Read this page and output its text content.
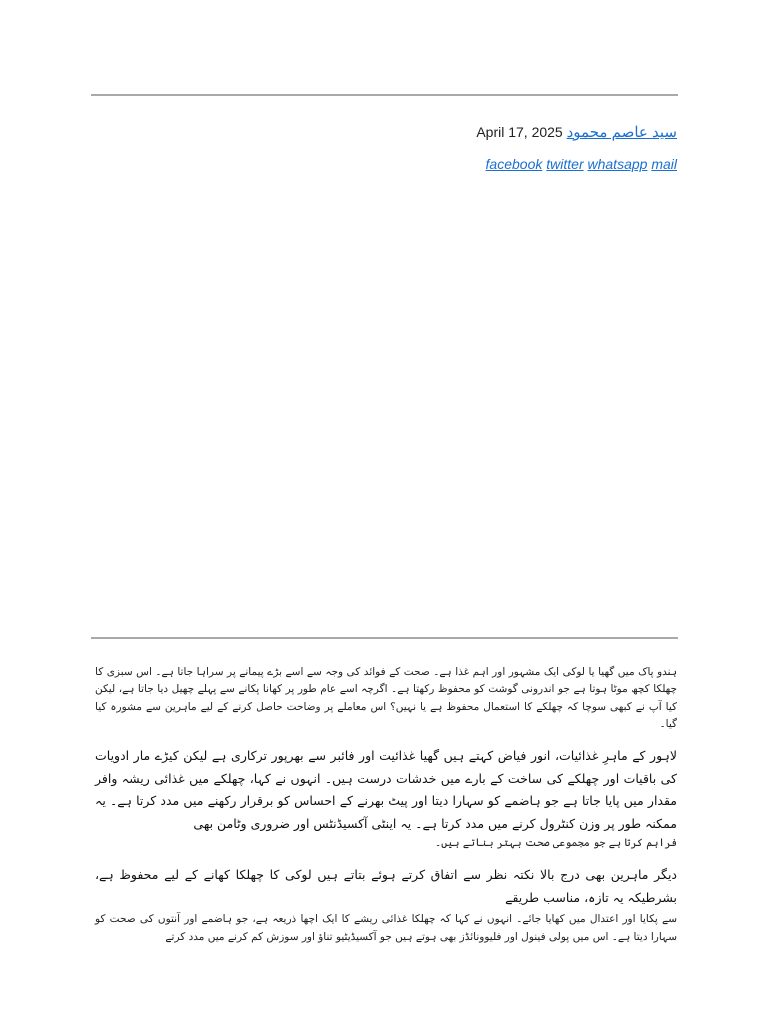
April 17, 2025 سید عاصم محمود
facebook twitter whatsapp mail

ہندو پاک میں گھیا یا لوکی ایک مشہور اور اہم غذا ہے۔ صحت کے فوائد کی وجہ سے اسے بڑے پیمانے پر سراہا جاتا ہے۔ اس سبزی کا چھلکا کچھ موٹا ہوتا ہے جو اندرونی گوشت کو محفوظ رکھتا ہے۔ اگرچہ اسے عام طور پر کھانا پکانے سے پہلے چھیل دیا جاتا ہے، لیکن کیا آپ نے کبھی سوچا کہ چھلکے کا استعمال محفوظ ہے یا نہیں؟ اس معاملے پر وضاحت حاصل کرنے کے لیے ماہرین سے مشورہ کیا گیا۔

لاہور کے ماہرِ غذائیات، انور فیاض کہتے ہیں گھیا غذائیت اور فائبر سے بھرپور ترکاری ہے لیکن کیڑے مار ادویات کی باقیات اور چھلکے کی ساخت کے بارے میں خدشات درست ہیں۔ انہوں نے کہا، چھلکے میں غذائی ریشہ وافر مقدار میں پایا جاتا ہے جو ہاضمے کو سہارا دیتا اور پیٹ بھرنے کے احساس کو برقرار رکھنے میں مدد کرتا ہے۔ یہ ممکنہ طور پر وزن کنٹرول کرنے میں مدد کرتا ہے۔ یہ اینٹی آکسیڈنٹس اور ضروری وٹامن بھی

فراہم کرتا ہے جو مجموعی صحت بہتر بناتے ہیں۔

دیگر ماہرین بھی درج بالا نکتہ نظر سے اتفاق کرتے ہوئے بتاتے ہیں لوکی کا چھلکا کھانے کے لیے محفوظ ہے، بشرطیکہ یہ تازہ، مناسب طریقے

سے پکایا اور اعتدال میں کھایا جائے۔ انہوں نے کہا کہ چھلکا غذائی ریشے کا ایک اچھا ذریعہ ہے، جو ہاضمے اور آنتوں کی صحت کو سہارا دیتا ہے۔ اس میں پولی فینول اور فلیوونائڈز بھی ہوتے ہیں جو آکسیڈیٹیو تناؤ اور سوزش کم کرنے میں مدد کرتے
